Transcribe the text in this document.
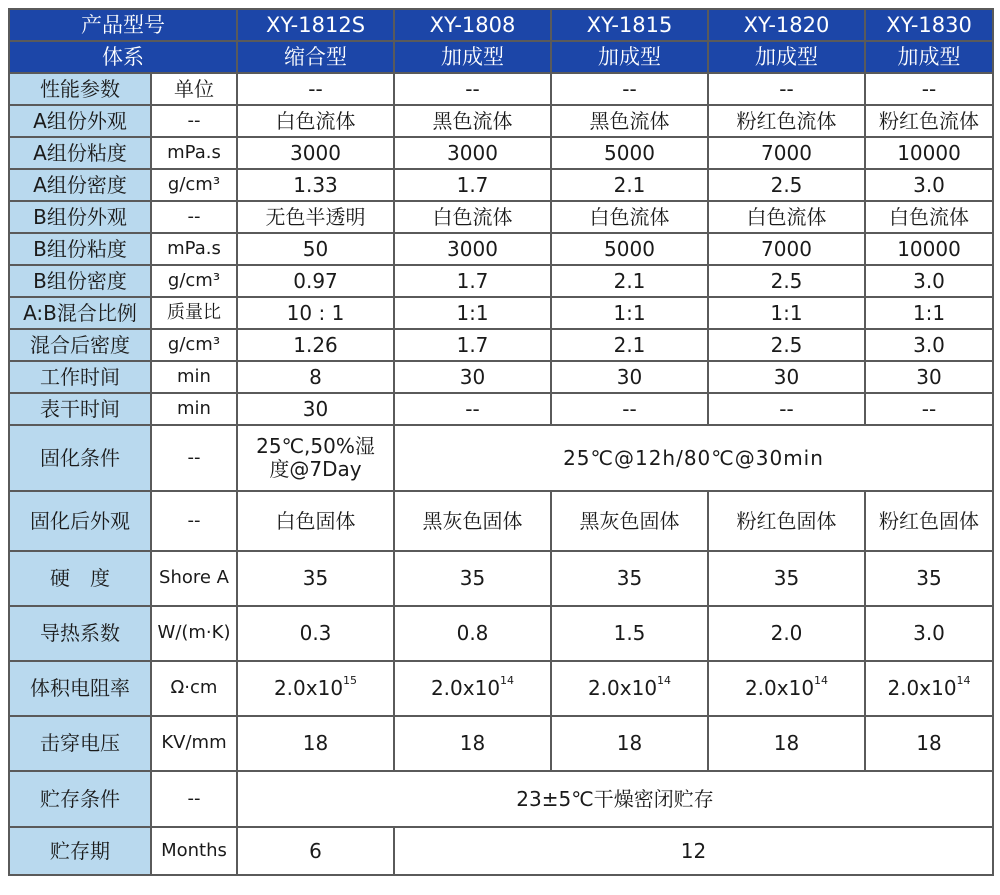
产品型号		XY-1812S	XY-1808	XY-1815	XY-1820	XY-1830
体系		缩合型	加成型	加成型	加成型	加成型
性能参数	单位	--	--	--	--	--
A组份外观	--	白色流体	黑色流体	黑色流体	粉红色流体	粉红色流体
A组份粘度	mPa.s	3000	3000	5000	7000	10000
A组份密度	g/cm³	1.33	1.7	2.1	2.5	3.0
B组份外观	--	无色半透明	白色流体	白色流体	白色流体	白色流体
B组份粘度	mPa.s	50	3000	5000	7000	10000
B组份密度	g/cm³	0.97	1.7	2.1	2.5	3.0
A:B混合比例	质量比	10 : 1	1:1	1:1	1:1	1:1
混合后密度	g/cm³	1.26	1.7	2.1	2.5	3.0
工作时间	min	8	30	30	30	30
表干时间	min	30	--	--	--	--
固化条件	--	25℃,50%湿度@7Day	25℃@12h/80℃@30min			
固化后外观	--	白色固体	黑灰色固体	黑灰色固体	粉红色固体	粉红色固体
硬　度	Shore A	35	35	35	35	35
导热系数	W/(m·K)	0.3	0.8	1.5	2.0	3.0
体积电阻率	Ω·cm	$2.0x10^{15}$	$2.0x10^{14}$	$2.0x10^{14}$	$2.0x10^{14}$	$2.0x10^{14}$
击穿电压	KV/mm	18	18	18	18	18
贮存条件	--	23±5℃干燥密闭贮存				
贮存期	Months	6	12			
